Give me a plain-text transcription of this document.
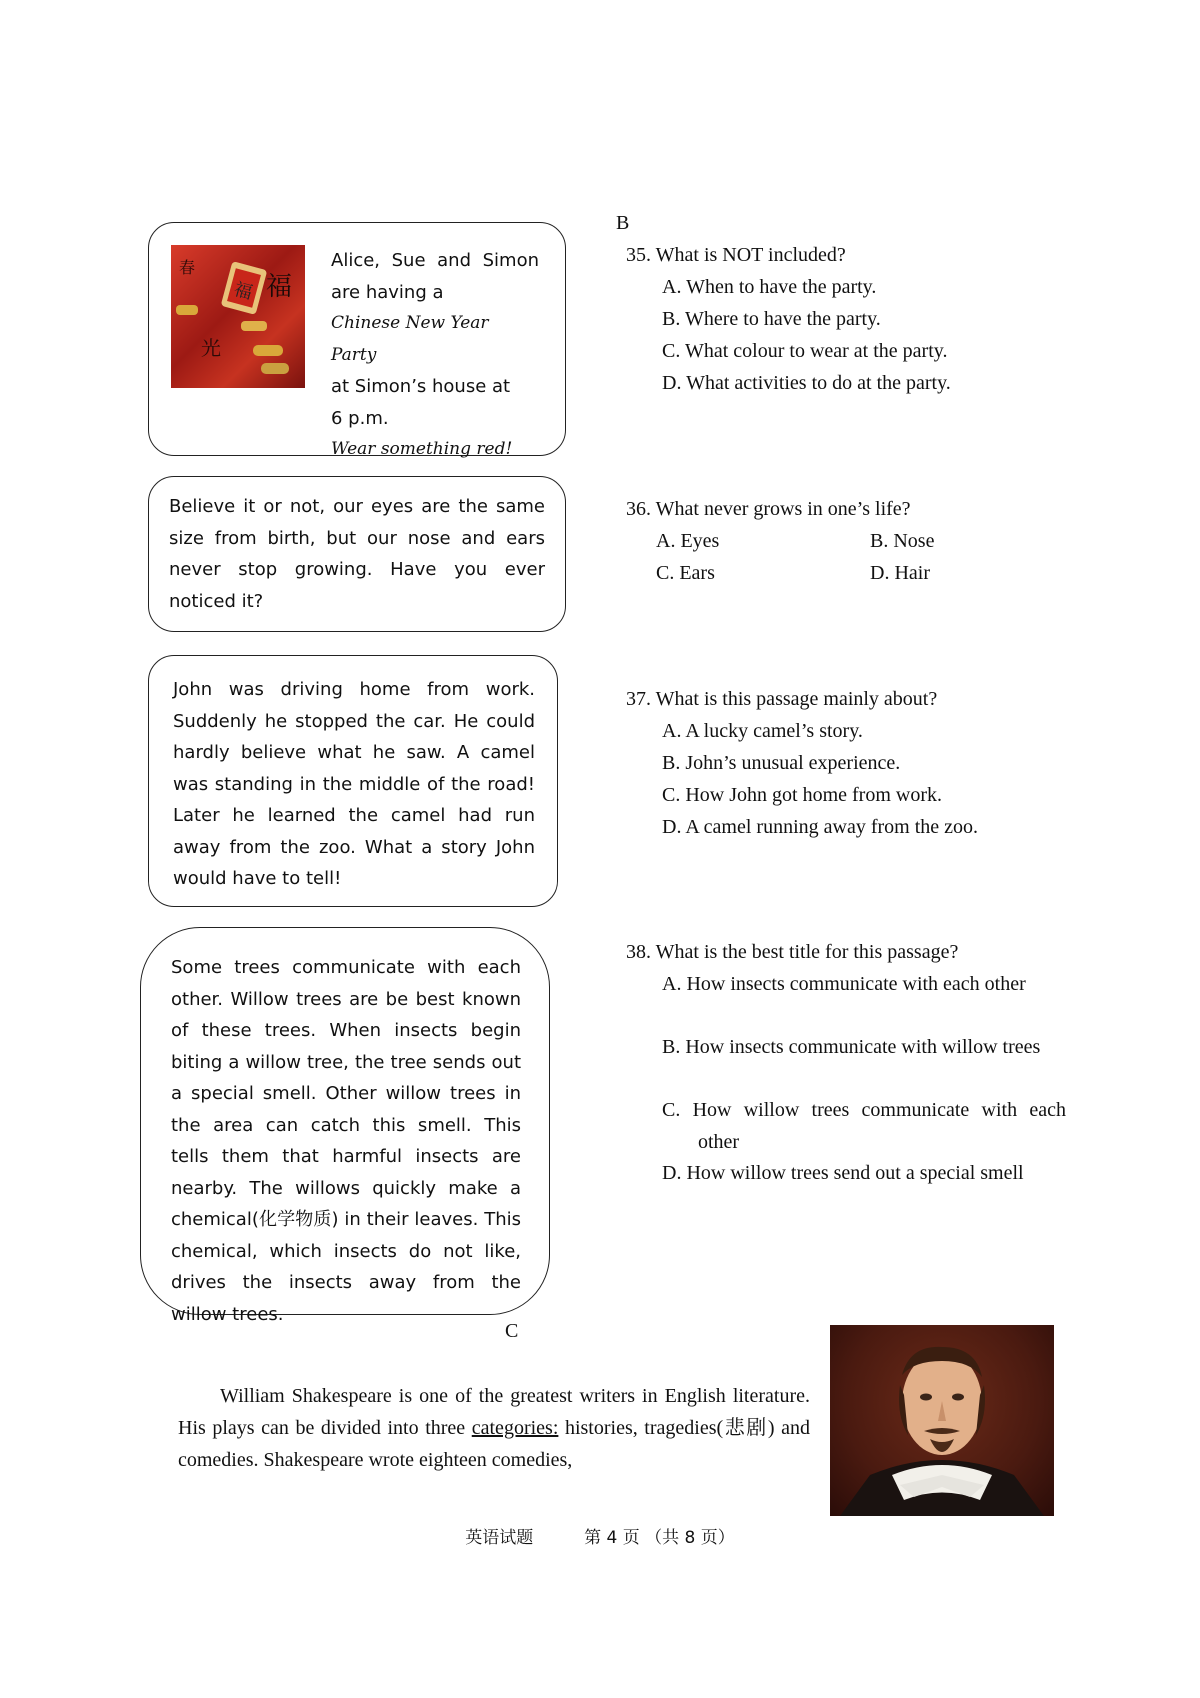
B
福 福
春
光
Alice, Sue and Simon
are having a
Chinese New Year Party
at Simon’s house at
6 p.m.
Wear something red!
Believe it or not, our eyes are the same size from birth, but our nose and ears never stop growing. Have you ever noticed it?
John was driving home from work. Suddenly he stopped the car. He could hardly believe what he saw. A camel was standing in the middle of the road! Later he learned the camel had run away from the zoo. What a story John would have to tell!
Some trees communicate with each other. Willow trees are be best known of these trees. When insects begin biting a willow tree, the tree sends out a special smell. Other willow trees in the area can catch this smell. This tells them that harmful insects are nearby. The willows quickly make a chemical(化学物质) in their leaves. This chemical, which insects do not like, drives the insects away from the willow trees.
35. What is NOT included?
A. When to have the party.
B. Where to have the party.
C. What colour to wear at the party.
D. What activities to do at the party.
36. What never grows in one’s life?
A. Eyes	B. Nose
C. Ears	D. Hair
37. What is this passage mainly about?
A. A lucky camel’s story.
B. John’s unusual experience.
C. How John got home from work.
D. A camel running away from the zoo.
38. What is the best title for this passage?
A. How insects communicate with each other
B. How insects communicate with willow trees
C. How willow trees communicate with each other
D. How willow trees send out a special smell
C
William Shakespeare is one of the greatest writers in English literature. His plays can be divided into three categories: histories, tragedies(悲剧) and comedies. Shakespeare wrote eighteen comedies,
英语试题	第 4 页 （共 8 页）
